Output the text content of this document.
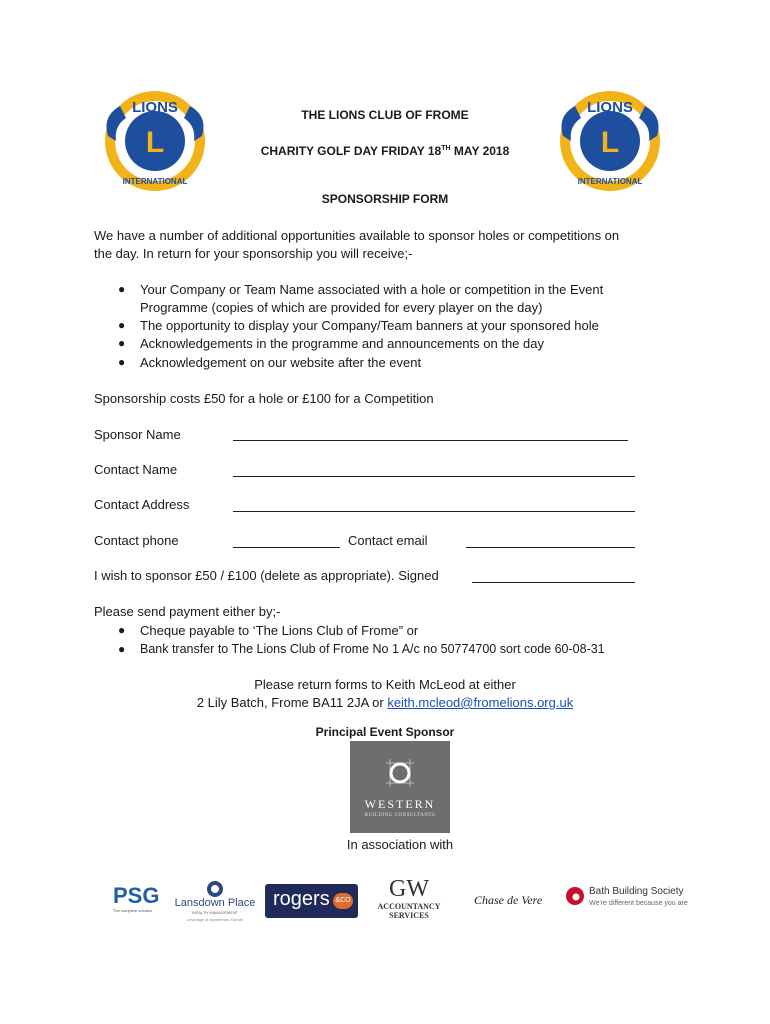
LIONS
L
INTERNATIONAL
LIONS
L
INTERNATIONAL
THE LIONS CLUB OF FROME
CHARITY GOLF DAY FRIDAY 18TH MAY 2018
SPONSORSHIP FORM
We have a number of additional opportunities available to sponsor holes or competitions on
the day. In return for your sponsorship you will receive;-
● Your Company or Team Name associated with a hole or competition in the Event
Programme (copies of which are provided for every player on the day)
● The opportunity to display your Company/Team banners at your sponsored hole
● Acknowledgements in the programme and announcements on the day
● Acknowledgement on our website after the event
Sponsorship costs £50 for a hole or £100 for a Competition
Sponsor Name
Contact Name
Contact Address
Contact phone	Contact email
I wish to sponsor £50 / £100 (delete as appropriate). Signed
Please send payment either by;-
● Cheque payable to ‘The Lions Club of Frome” or
● Bank transfer to The Lions Club of Frome No 1 A/c no 50774700 sort code 60-08-31
Please return forms to Keith McLeod at either
2 Lily Batch, Frome BA11 2JA or keith.mcleod@fromelions.org.uk
Principal Event Sponsor
WESTERN
BUILDING CONSULTANTS
In association with
PSG
The complete solution
Lansdown Place
WEALTH MANAGEMENT
Leverage of experience. Dorset
rogers &CO	GW
ACCOUNTANCY
SERVICES
Chase de Vere
Bath Building Society
We're different because you are
